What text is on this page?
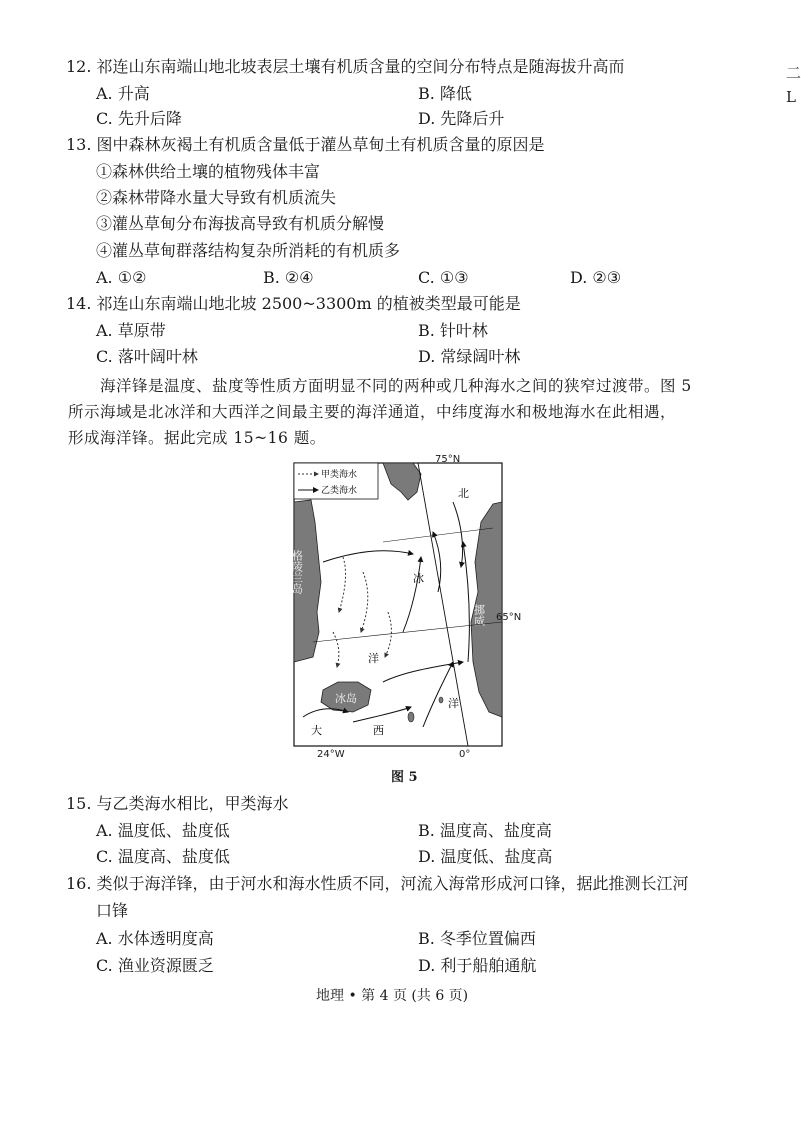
二
L
12. 祁连山东南端山地北坡表层土壤有机质含量的空间分布特点是随海拔升高而
A. 升高	B. 降低
C. 先升后降	D. 先降后升
13. 图中森林灰褐土有机质含量低于灌丛草甸土有机质含量的原因是
①森林供给土壤的植物残体丰富
②森林带降水量大导致有机质流失
③灌丛草甸分布海拔高导致有机质分解慢
④灌丛草甸群落结构复杂所消耗的有机质多
A. ①②	B. ②④	C. ①③	D. ②③
14. 祁连山东南端山地北坡 2500~3300m 的植被类型最可能是
A. 草原带	B. 针叶林
C. 落叶阔叶林	D. 常绿阔叶林

海洋锋是温度、盐度等性质方面明显不同的两种或几种海水之间的狭窄过渡带。图 5

所示海域是北冰洋和大西洋之间最主要的海洋通道，中纬度海水和极地海水在此相遇，
形成海洋锋。据此完成 15~16 题。
格陵兰岛
挪威
冰岛
甲类海水
乙类海水	北
冰
洋
洋
大	西
75°N
65°N
24°W	0°
图 5
15. 与乙类海水相比，甲类海水
A. 温度低、盐度低	B. 温度高、盐度高
C. 温度高、盐度低	D. 温度低、盐度高
16. 类似于海洋锋，由于河水和海水性质不同，河流入海常形成河口锋，据此推测长江河
口锋
A. 水体透明度高	B. 冬季位置偏西
C. 渔业资源匮乏	D. 利于船舶通航
地理 • 第 4 页 (共 6 页)
